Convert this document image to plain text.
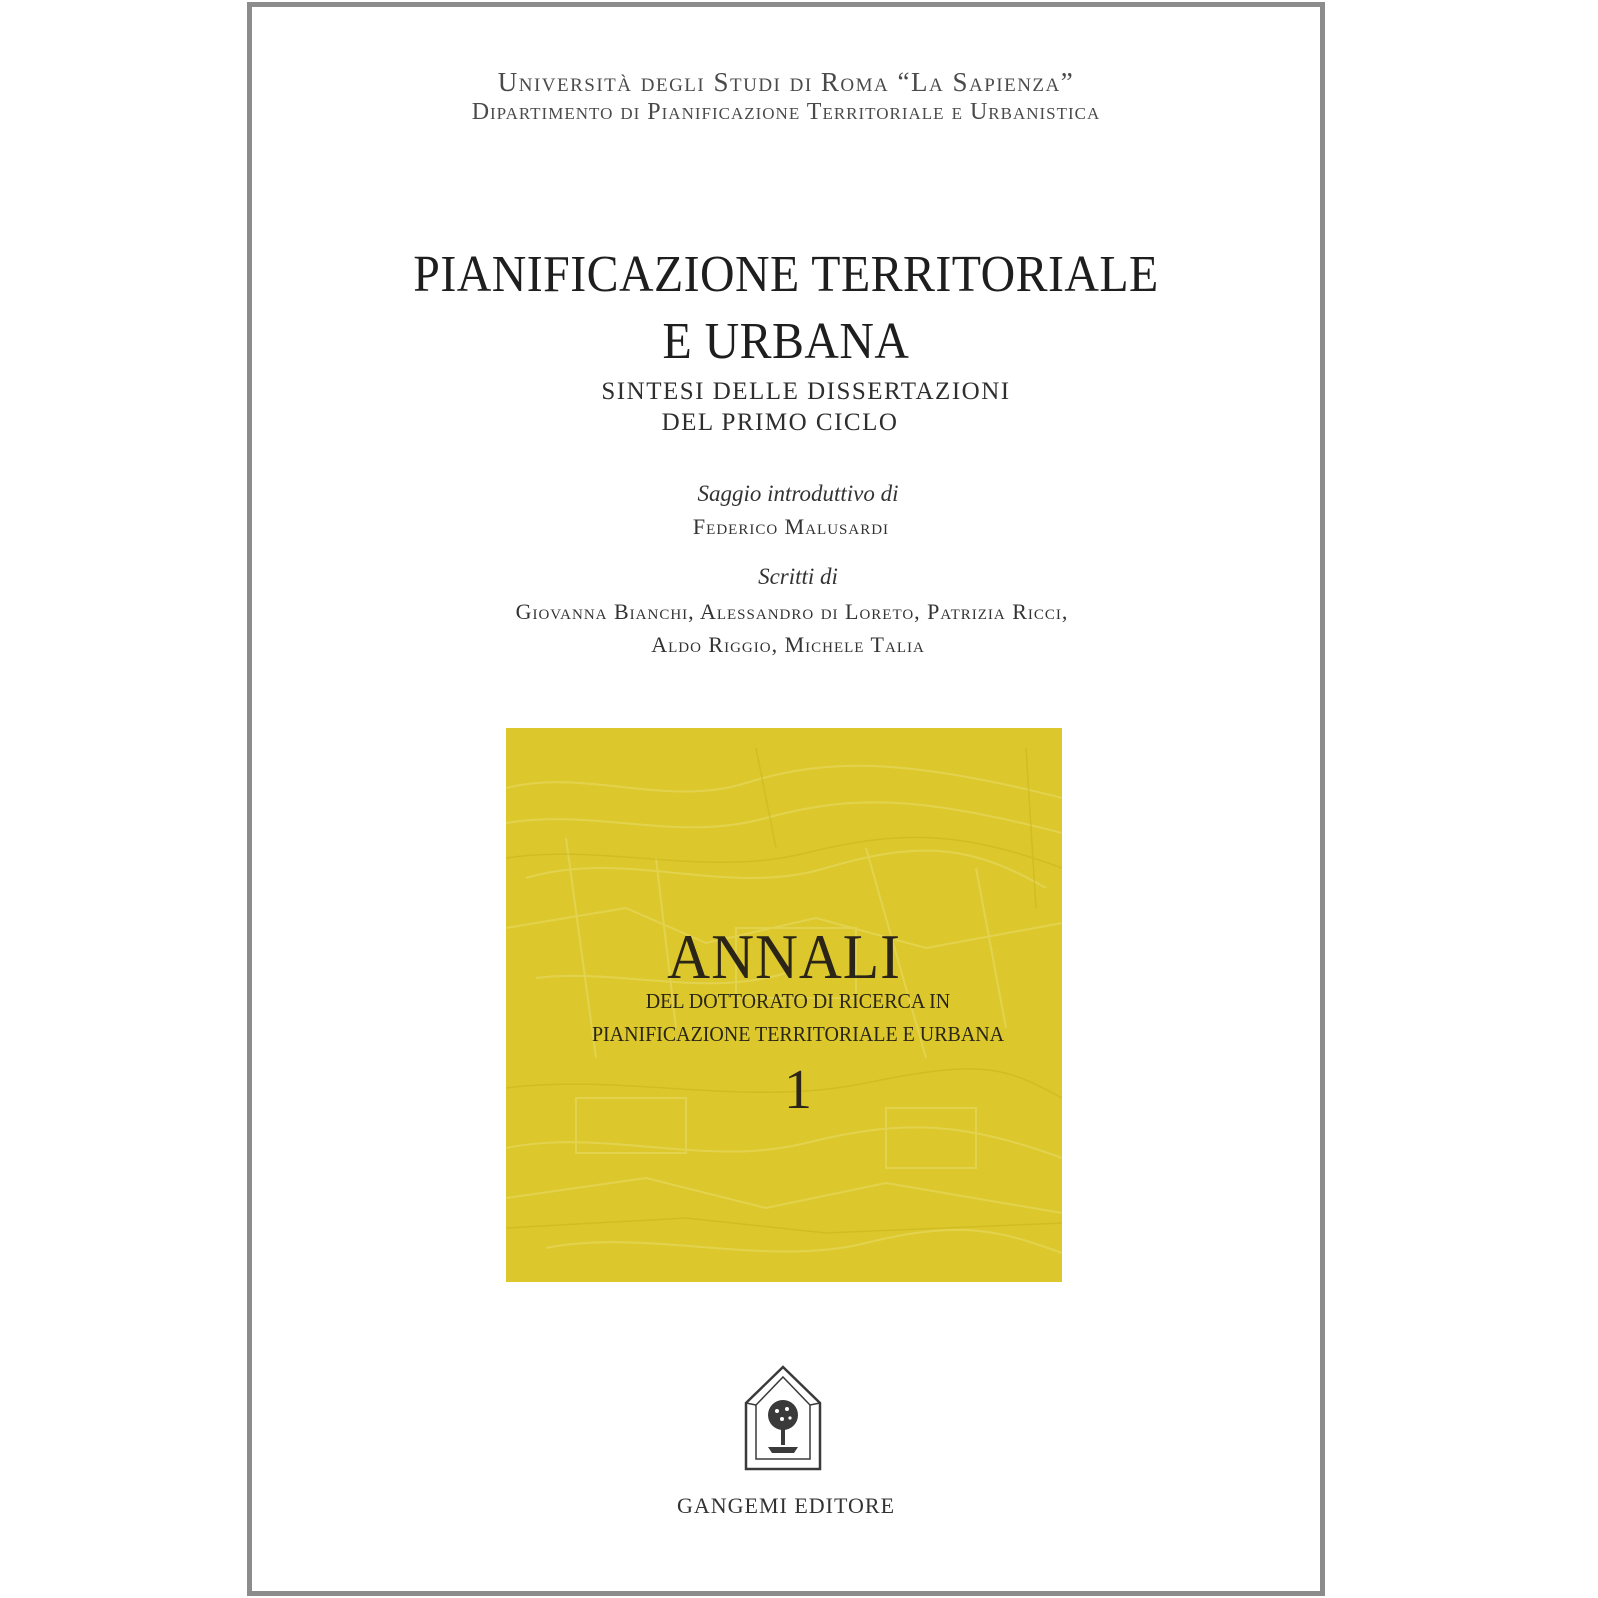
Università degli Studi di Roma “La Sapienza”

Dipartimento di Pianificazione Territoriale e Urbanistica

PIANIFICAZIONE TERRITORIALE

E URBANA

SINTESI DELLE DISSERTAZIONI

DEL PRIMO CICLO

Saggio introduttivo di

Federico Malusardi

Scritti di

Giovanna Bianchi, Alessandro di Loreto, Patrizia Ricci,

Aldo Riggio, Michele Talia

ANNALI

DEL DOTTORATO DI RICERCA IN

PIANIFICAZIONE TERRITORIALE E URBANA

1

GANGEMI EDITORE
